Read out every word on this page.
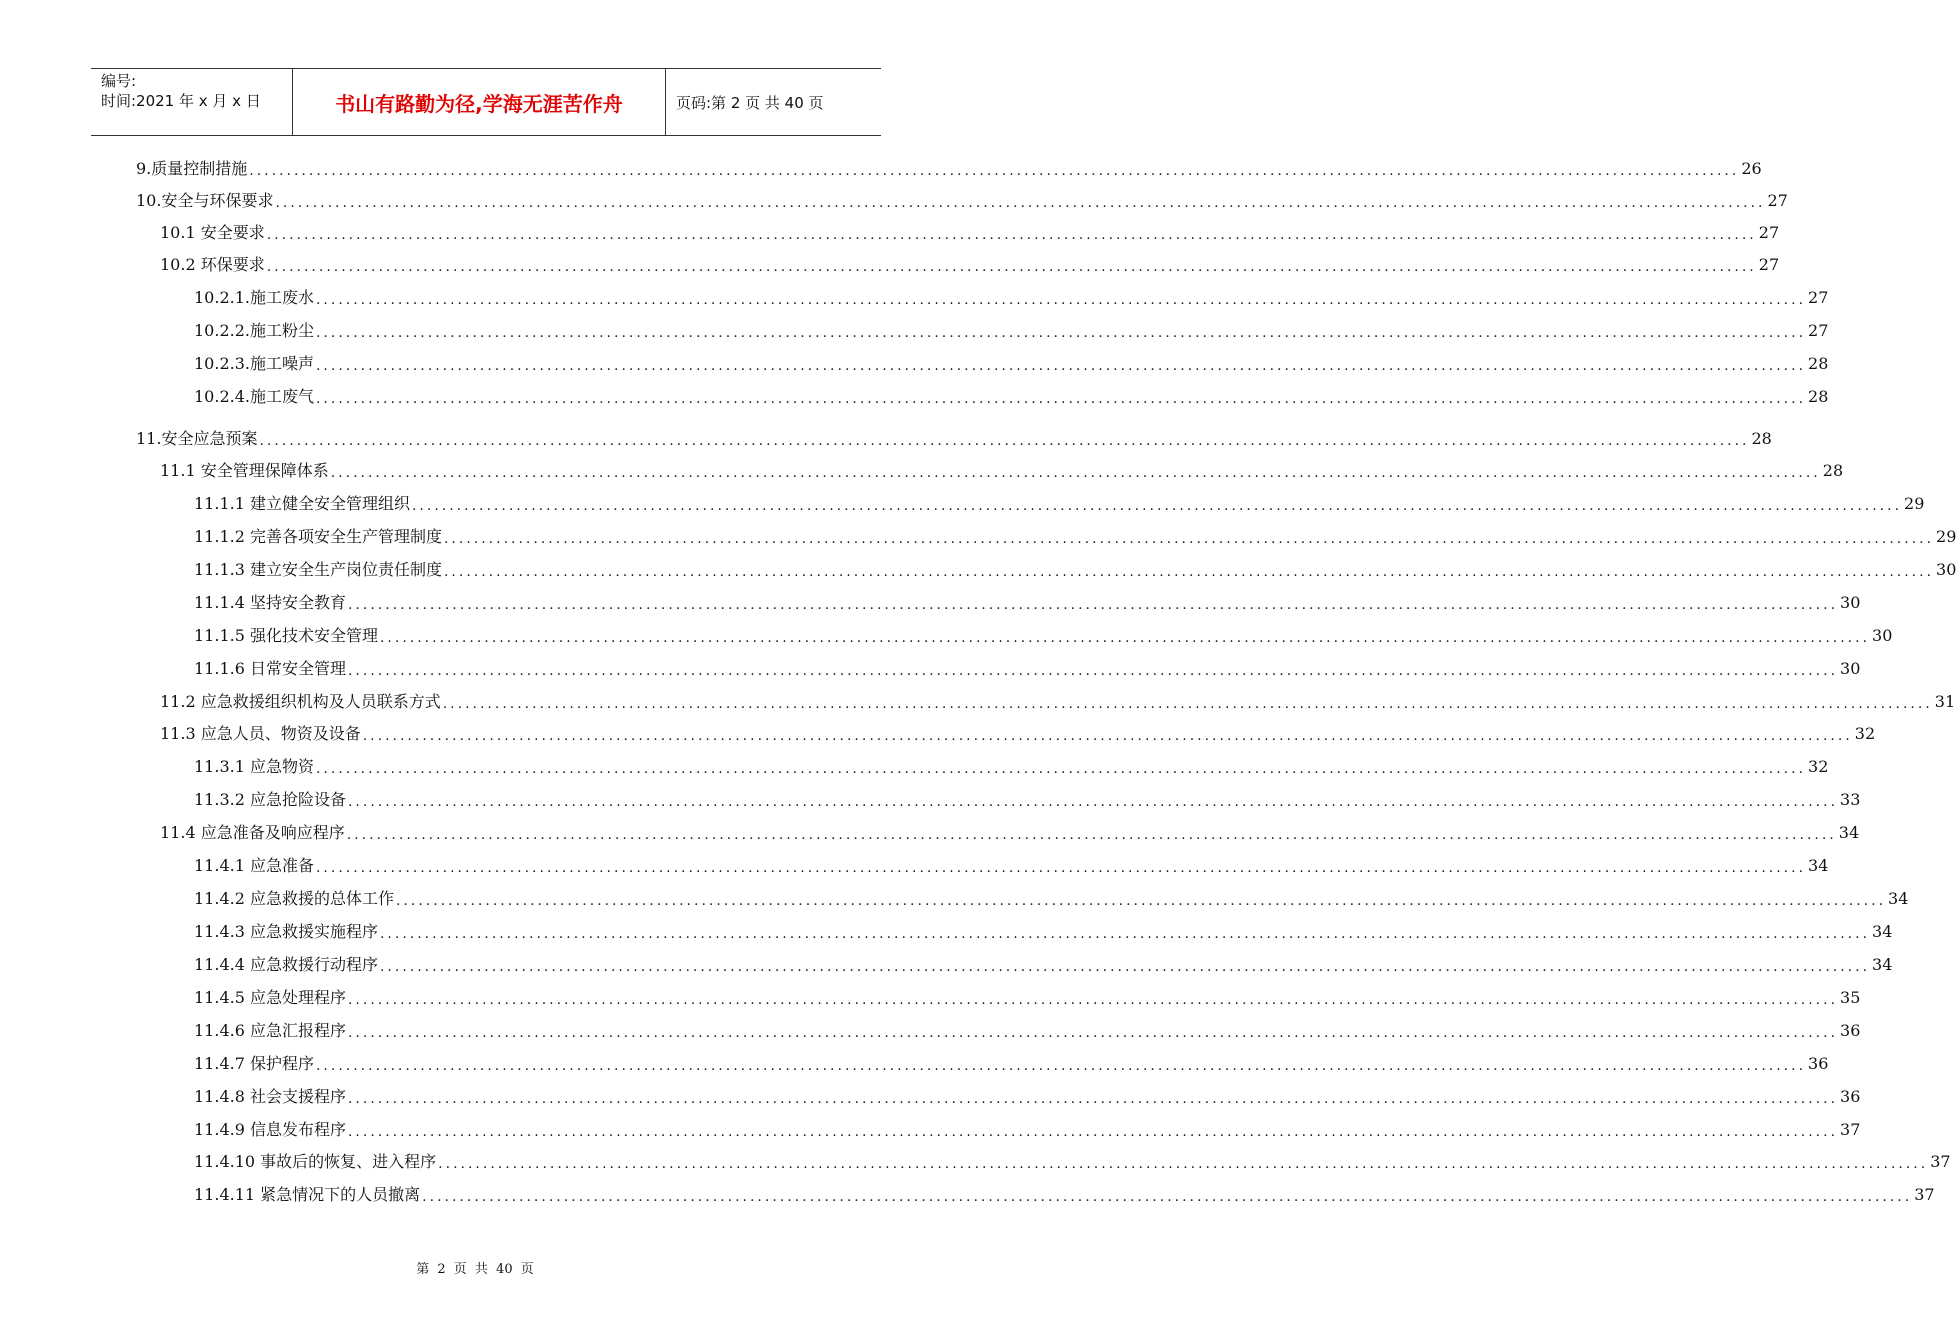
编号:
时间:2021 年 x 月 x 日	书山有路勤为径,学海无涯苦作舟	页码:第 2 页 共 40 页
9.质量控制措施 ........................................................................................................................................................................................................ 26
10.安全与环保要求 ........................................................................................................................................................................................................ 27
10.1 安全要求 ........................................................................................................................................................................................................ 27
10.2 环保要求 ........................................................................................................................................................................................................ 27
10.2.1.施工废水 ........................................................................................................................................................................................................ 27
10.2.2.施工粉尘 ........................................................................................................................................................................................................ 27
10.2.3.施工噪声 ........................................................................................................................................................................................................ 28
10.2.4.施工废气 ........................................................................................................................................................................................................ 28
11.安全应急预案 ........................................................................................................................................................................................................ 28
11.1 安全管理保障体系 ........................................................................................................................................................................................................ 28
11.1.1 建立健全安全管理组织 ........................................................................................................................................................................................................ 29
11.1.2 完善各项安全生产管理制度 ........................................................................................................................................................................................................ 29
11.1.3 建立安全生产岗位责任制度 ........................................................................................................................................................................................................ 30
11.1.4 坚持安全教育 ........................................................................................................................................................................................................ 30
11.1.5 强化技术安全管理 ........................................................................................................................................................................................................ 30
11.1.6 日常安全管理 ........................................................................................................................................................................................................ 30
11.2 应急救援组织机构及人员联系方式 ........................................................................................................................................................................................................ 31
11.3 应急人员、物资及设备 ........................................................................................................................................................................................................ 32
11.3.1 应急物资 ........................................................................................................................................................................................................ 32
11.3.2 应急抢险设备 ........................................................................................................................................................................................................ 33
11.4 应急准备及响应程序 ........................................................................................................................................................................................................ 34
11.4.1 应急准备 ........................................................................................................................................................................................................ 34
11.4.2 应急救援的总体工作 ........................................................................................................................................................................................................ 34
11.4.3 应急救援实施程序 ........................................................................................................................................................................................................ 34
11.4.4 应急救援行动程序 ........................................................................................................................................................................................................ 34
11.4.5 应急处理程序 ........................................................................................................................................................................................................ 35
11.4.6 应急汇报程序 ........................................................................................................................................................................................................ 36
11.4.7 保护程序 ........................................................................................................................................................................................................ 36
11.4.8 社会支援程序 ........................................................................................................................................................................................................ 36
11.4.9 信息发布程序 ........................................................................................................................................................................................................ 37
11.4.10 事故后的恢复、进入程序 ........................................................................................................................................................................................................ 37
11.4.11 紧急情况下的人员撤离 ........................................................................................................................................................................................................ 37
第 2 页 共 40 页
